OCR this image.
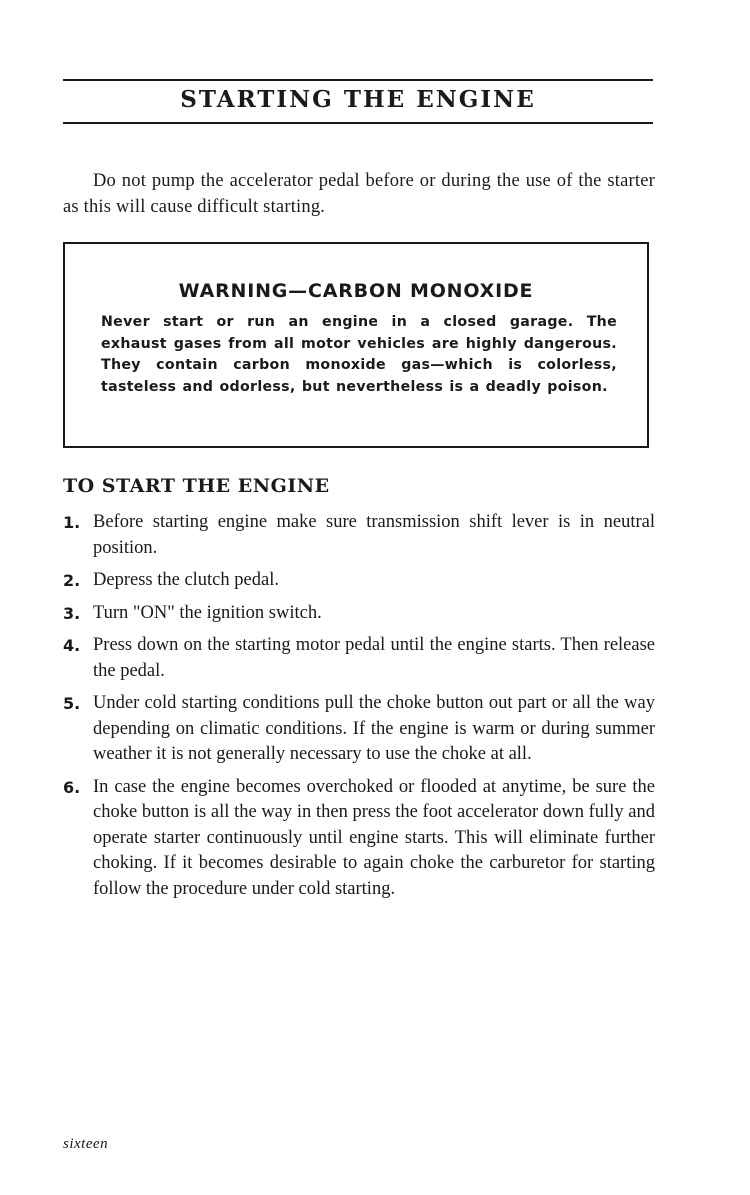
STARTING THE ENGINE

Do not pump the accelerator pedal before or during the use of the starter as this will cause difficult starting.

WARNING—CARBON MONOXIDE
Never start or run an engine in a closed garage. The exhaust gases from all motor vehicles are highly dangerous. They contain carbon monoxide gas—which is colorless, tasteless and odorless, but nevertheless is a deadly poison.
TO START THE ENGINE
1. Before starting engine make sure transmission shift lever is in neutral position.
2. Depress the clutch pedal.
3. Turn "ON" the ignition switch.
4. Press down on the starting motor pedal until the engine starts. Then release the pedal.
5. Under cold starting conditions pull the choke button out part or all the way depending on climatic conditions. If the engine is warm or during summer weather it is not generally necessary to use the choke at all.
6. In case the engine becomes overchoked or flooded at anytime, be sure the choke button is all the way in then press the foot accelerator down fully and operate starter continuously until engine starts. This will eliminate further choking. If it becomes desirable to again choke the carburetor for starting follow the procedure under cold starting.
sixteen
